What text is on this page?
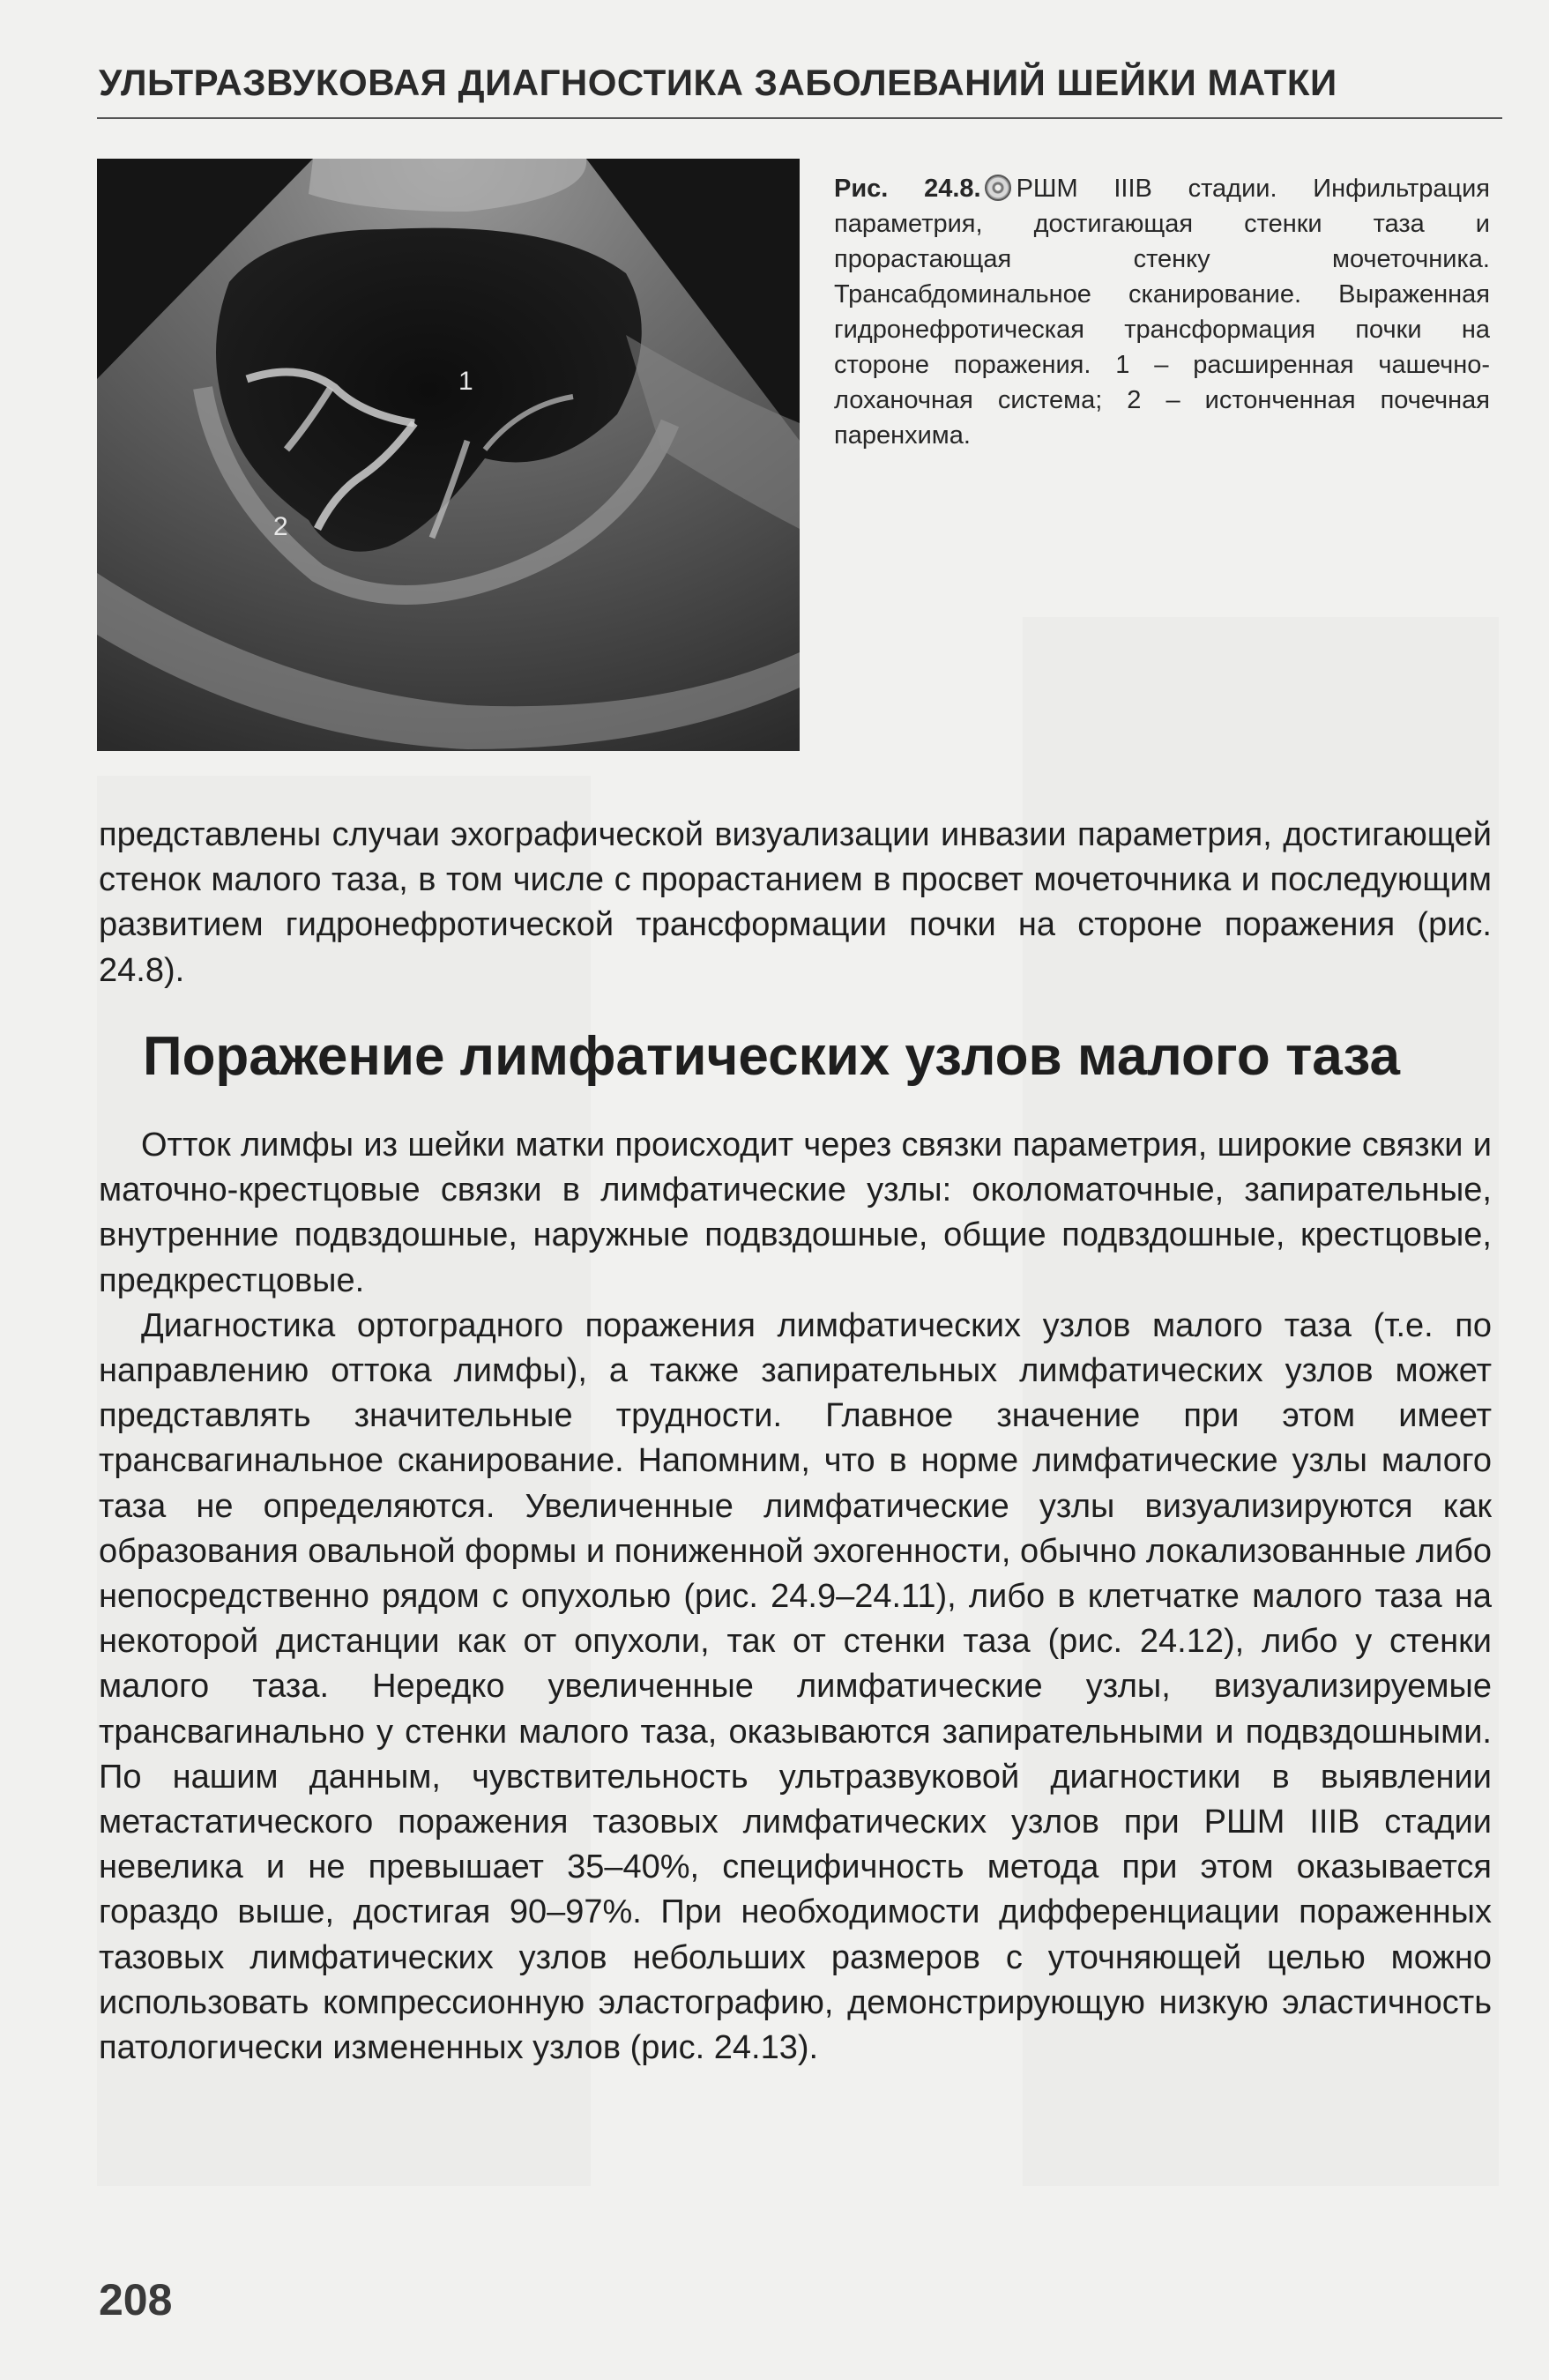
УЛЬТРАЗВУКОВАЯ ДИАГНОСТИКА ЗАБОЛЕВАНИЙ ШЕЙКИ МАТКИ
1
2
Рис. 24.8. РШМ IIIB стадии. Инфильтрация параметрия, достигающая стенки таза и прорастающая стенку мочеточника. Трансабдоминальное сканирование. Выраженная гидронефротическая трансформация почки на стороне поражения. 1 – расширенная чашечно-лоханочная система; 2 – истонченная почечная паренхима.

представлены случаи эхографической визуализации инвазии параметрия, достигающей стенок малого таза, в том числе с прорастанием в просвет мочеточника и последующим развитием гидронефротической трансформации почки на стороне поражения (рис. 24.8).

Поражение лимфатических узлов малого таза

Отток лимфы из шейки матки происходит через связки параметрия, широкие связки и маточно-крестцовые связки в лимфатические узлы: околоматочные, запирательные, внутренние подвздошные, наружные подвздошные, общие подвздошные, крестцовые, предкрестцовые.

Диагностика ортоградного поражения лимфатических узлов малого таза (т.е. по направлению оттока лимфы), а также запирательных лимфатических узлов может представлять значительные трудности. Главное значение при этом имеет трансвагинальное сканирование. Напомним, что в норме лимфатические узлы малого таза не определяются. Увеличенные лимфатические узлы визуализируются как образования овальной формы и пониженной эхогенности, обычно локализованные либо непосредственно рядом с опухолью (рис. 24.9–24.11), либо в клетчатке малого таза на некоторой дистанции как от опухоли, так от стенки таза (рис. 24.12), либо у стенки малого таза. Нередко увеличенные лимфатические узлы, визуализируемые трансвагинально у стенки малого таза, оказываются запирательными и подвздошными. По нашим данным, чувствительность ультразвуковой диагностики в выявлении метастатического поражения тазовых лимфатических узлов при РШМ IIIB стадии невелика и не превышает 35–40%, специфичность метода при этом оказывается гораздо выше, достигая 90–97%. При необходимости дифференциации пораженных тазовых лимфатических узлов небольших размеров с уточняющей целью можно использовать компрессионную эластографию, демонстрирующую низкую эластичность патологически измененных узлов (рис. 24.13).

208
